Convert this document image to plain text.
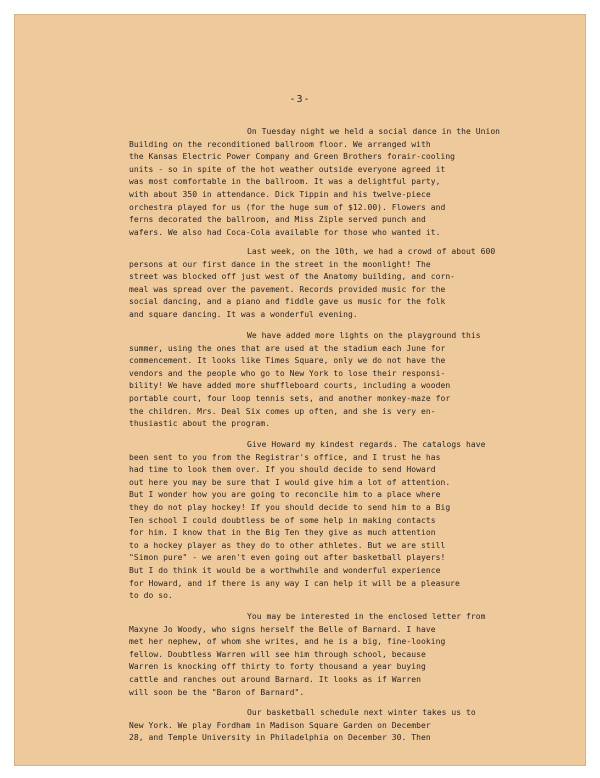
-3-

On Tuesday night we held a social dance in the Union
Building on the reconditioned ballroom floor. We arranged with
the Kansas Electric Power Company and Green Brothers forair-cooling
units - so in spite of the hot weather outside everyone agreed it
was most comfortable in the ballroom. It was a delightful party,
with about 350 in attendance. Dick Tippin and his twelve-piece
orchestra played for us (for the huge sum of $12.00). Flowers and
ferns decorated the ballroom, and Miss Ziple served punch and
wafers. We also had Coca-Cola available for those who wanted it.

Last week, on the 10th, we had a crowd of about 600
persons at our first dance in the street in the moonlight! The
street was blocked off just west of the Anatomy building, and corn-
meal was spread over the pavement. Records provided music for the
social dancing, and a piano and fiddle gave us music for the folk
and square dancing. It was a wonderful evening.

We have added more lights on the playground this
summer, using the ones that are used at the stadium each June for
commencement. It looks like Times Square, only we do not have the
vendors and the people who go to New York to lose their responsi-
bility! We have added more shuffleboard courts, including a wooden
portable court, four loop tennis sets, and another monkey-maze for
the children. Mrs. Deal Six comes up often, and she is very en-
thusiastic about the program.

Give Howard my kindest regards. The catalogs have
been sent to you from the Registrar's office, and I trust he has
had time to look them over. If you should decide to send Howard
out here you may be sure that I would give him a lot of attention.
But I wonder how you are going to reconcile him to a place where
they do not play hockey! If you should decide to send him to a Big
Ten school I could doubtless be of some help in making contacts
for him. I know that in the Big Ten they give as much attention
to a hockey player as they do to other athletes. But we are still
"Simon pure" - we aren't even going out after basketball players!
But I do think it would be a worthwhile and wonderful experience
for Howard, and if there is any way I can help it will be a pleasure
to do so.

You may be interested in the enclosed letter from
Maxyne Jo Woody, who signs herself the Belle of Barnard. I have
met her nephew, of whom she writes, and he is a big, fine-looking
fellow. Doubtless Warren will see him through school, because
Warren is knocking off thirty to forty thousand a year buying
cattle and ranches out around Barnard. It looks as if Warren
will soon be the "Baron of Barnard".

Our basketball schedule next winter takes us to
New York. We play Fordham in Madison Square Garden on December
28, and Temple University in Philadelphia on December 30. Then
